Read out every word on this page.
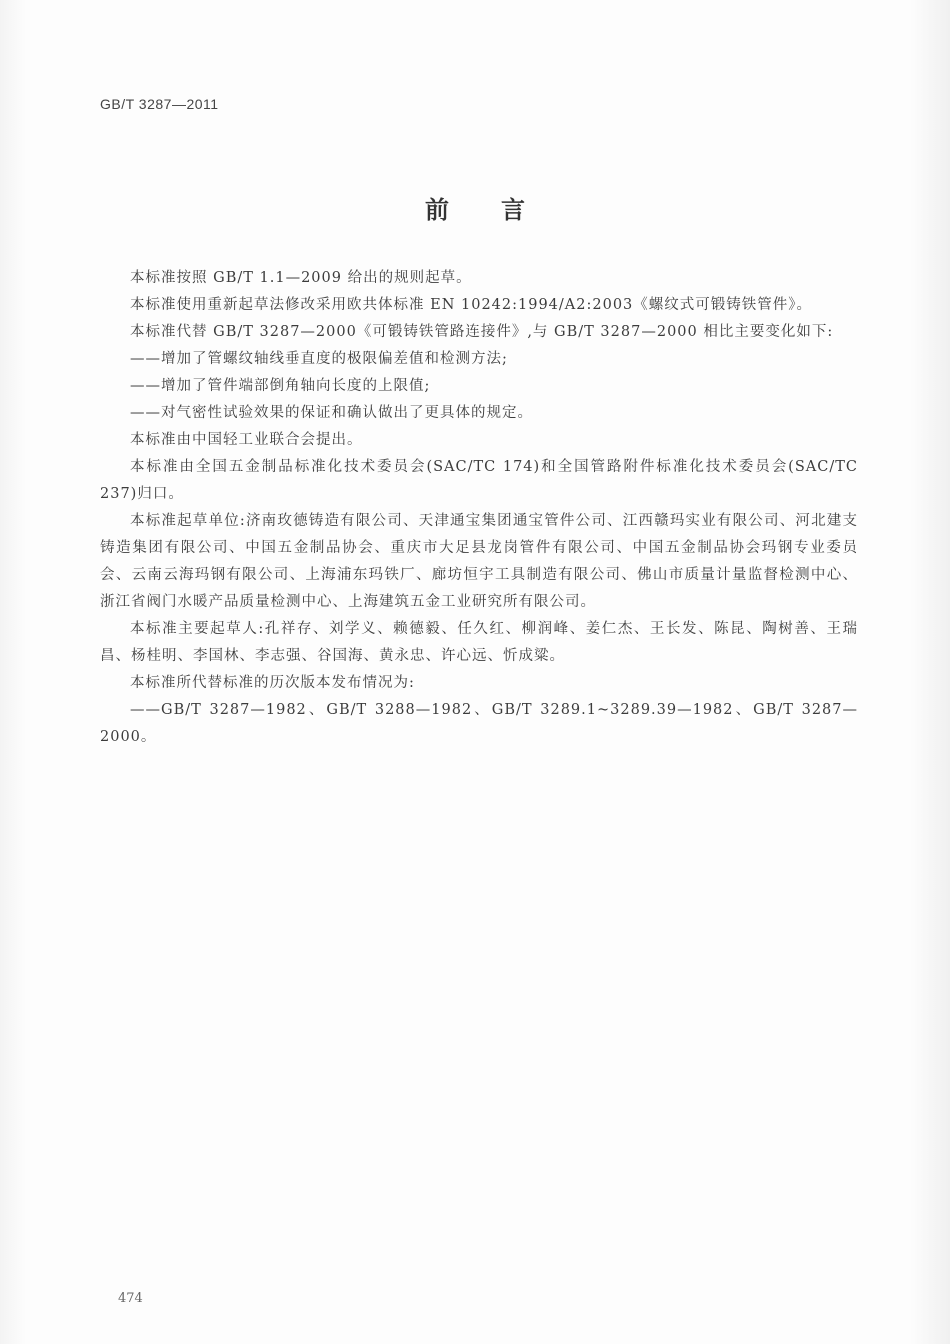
GB/T 3287—2011
前言

本标准按照 GB/T 1.1—2009 给出的规则起草。

本标准使用重新起草法修改采用欧共体标准 EN 10242:1994/A2:2003《螺纹式可锻铸铁管件》。

本标准代替 GB/T 3287—2000《可锻铸铁管路连接件》,与 GB/T 3287—2000 相比主要变化如下:

——增加了管螺纹轴线垂直度的极限偏差值和检测方法;

——增加了管件端部倒角轴向长度的上限值;

——对气密性试验效果的保证和确认做出了更具体的规定。

本标准由中国轻工业联合会提出。

本标准由全国五金制品标准化技术委员会(SAC/TC 174)和全国管路附件标准化技术委员会(SAC/TC 237)归口。

本标准起草单位:济南玫德铸造有限公司、天津通宝集团通宝管件公司、江西赣玛实业有限公司、河北建支铸造集团有限公司、中国五金制品协会、重庆市大足县龙岗管件有限公司、中国五金制品协会玛钢专业委员会、云南云海玛钢有限公司、上海浦东玛铁厂、廊坊恒宇工具制造有限公司、佛山市质量计量监督检测中心、浙江省阀门水暖产品质量检测中心、上海建筑五金工业研究所有限公司。

本标准主要起草人:孔祥存、刘学义、赖德毅、任久红、柳润峰、姜仁杰、王长发、陈昆、陶树善、王瑞昌、杨桂明、李国林、李志强、谷国海、黄永忠、许心远、忻成粱。

本标准所代替标准的历次版本发布情况为:

——GB/T 3287—1982、GB/T 3288—1982、GB/T 3289.1~3289.39—1982、GB/T 3287—2000。

474
